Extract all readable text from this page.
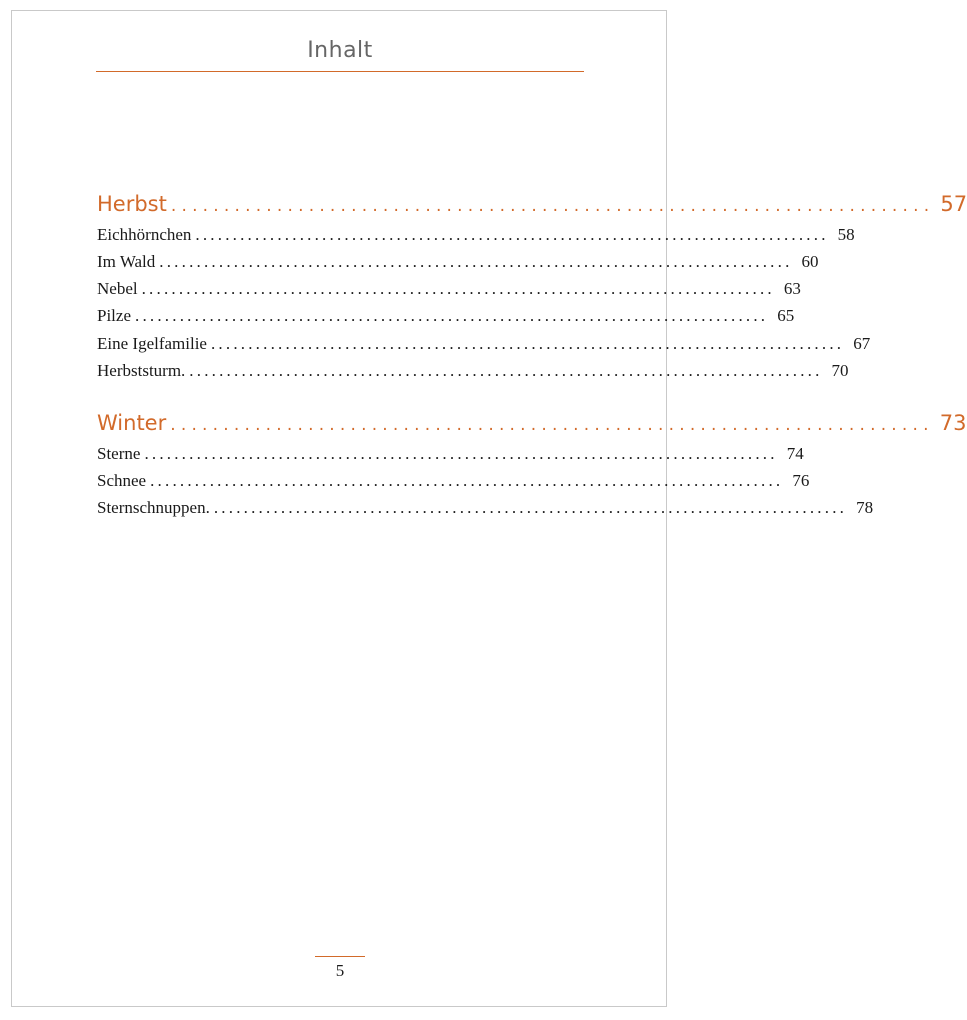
Inhalt
Herbst ........................................................................ 57
Eichhörnchen ..................................................................................... 58
Im Wald ..................................................................................... 60
Nebel ..................................................................................... 63
Pilze ..................................................................................... 65
Eine Igelfamilie ..................................................................................... 67
Herbststurm. ..................................................................................... 70
Winter ........................................................................ 73
Sterne ..................................................................................... 74
Schnee ..................................................................................... 76
Sternschnuppen. ..................................................................................... 78
5
